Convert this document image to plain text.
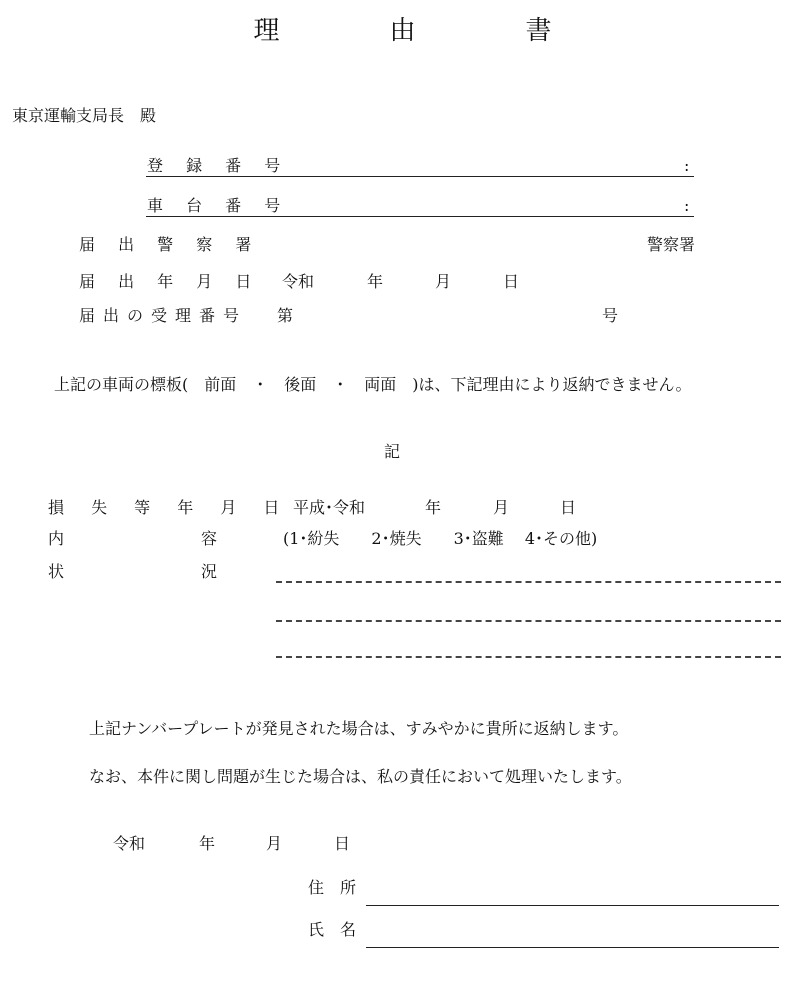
理　由　書
東京運輸支局長　殿
登 録 番 号	:
車 台 番 号	:
届 出 警 察 署	警察署
届 出 年 月 日 令和	年	月	日
届出の受理番号 第	号
上記の車両の標板(　前面　・　後面　・　両面　)は、下記理由により返納できません。
記
損 失 等 年 月 日 平成･令和	年	月	日
内	容	(1･紛失　　2･焼失　　3･盗難　 4･その他)
状	況
上記ナンバープレートが発見された場合は、すみやかに貴所に返納します。
なお、本件に関し問題が生じた場合は、私の責任において処理いたします。
令和	年	月	日
住　所
氏　名
